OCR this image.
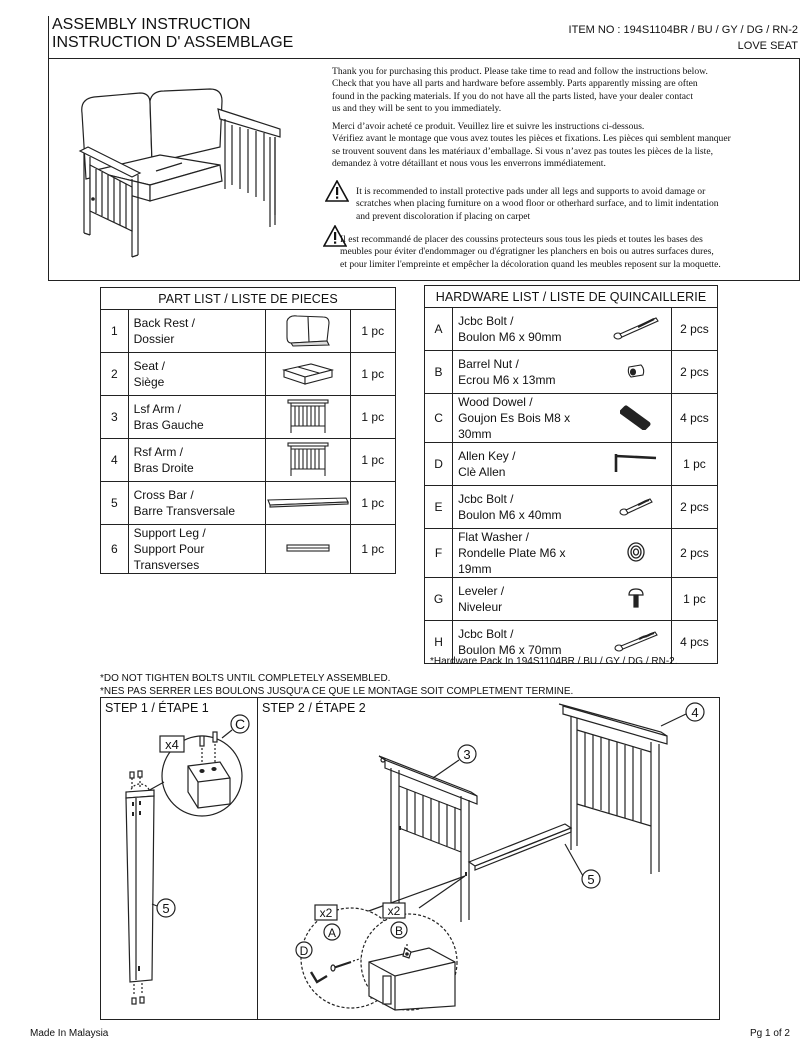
ASSEMBLY INSTRUCTION
INSTRUCTION D' ASSEMBLAGE
ITEM NO : 194S1104BR / BU / GY / DG / RN-2
LOVE SEAT
Thank you for purchasing this product. Please take time to read and follow the instructions below.
Check that you have all parts and hardware before assembly. Parts apparently missing are often
found in the packing materials. If you do not have all the parts listed, have your dealer contact
us and they will be sent to you immediately.
Merci d’avoir acheté ce produit. Veuillez lire et suivre les instructions ci-dessous.
Vérifiez avant le montage que vous avez toutes les pièces et fixations. Les pièces qui semblent manquer
se trouvent souvent dans les matériaux d’emballage. Si vous n’avez pas toutes les pièces de la liste,
demandez à votre détaillant et nous vous les enverrons immédiatement.
It is recommended to install protective pads under all legs and supports to avoid damage or
scratches when placing furniture on a wood floor or otherhard surface, and to limit indentation
and prevent discoloration if placing on carpet
Il est recommandé de placer des coussins protecteurs sous tous les pieds et toutes les bases des
meubles pour éviter d'endommager ou d'égratigner les planchers en bois ou autres surfaces dures,
et pour limiter l'empreinte et empêcher la décoloration quand les meubles reposent sur la moquette.
PART LIST / LISTE DE PIECES			
1	Back Rest /
Dossier		1 pc
2	Seat /
Siège		1 pc
3	Lsf Arm /
Bras Gauche		1 pc
4	Rsf Arm /
Bras Droite		1 pc
5	Cross Bar /
Barre Transversale		1 pc
6	Support Leg /
Support Pour Transverses		1 pc
HARDWARE LIST / LISTE DE QUINCAILLERIE			
A	Jcbc Bolt /
Boulon M6 x 90mm		2 pcs
B	Barrel Nut /
Ecrou M6 x 13mm		2 pcs
C	Wood Dowel /
Goujon Es Bois M8 x 30mm		4 pcs
D	Allen Key /
Clè Allen		1 pc
E	Jcbc Bolt /
Boulon M6 x 40mm		2 pcs
F	Flat Washer /
Rondelle Plate M6 x 19mm		2 pcs
G	Leveler /
Niveleur		1 pc
H	Jcbc Bolt /
Boulon M6 x 70mm		4 pcs
*Hardware Pack In 194S1104BR / BU / GY / DG / RN-2.
*DO NOT TIGHTEN BOLTS UNTIL COMPLETELY ASSEMBLED.
*NES PAS SERRER LES BOULONS JUSQU'A CE QUE LE MONTAGE SOIT COMPLETMENT TERMINE.
STEP 1 / ÉTAPE 1	STEP 2 / ÉTAPE 2
x4
C
5
3
4
5
x2
A
D
x2
B
Made In Malaysia	Pg 1 of 2
